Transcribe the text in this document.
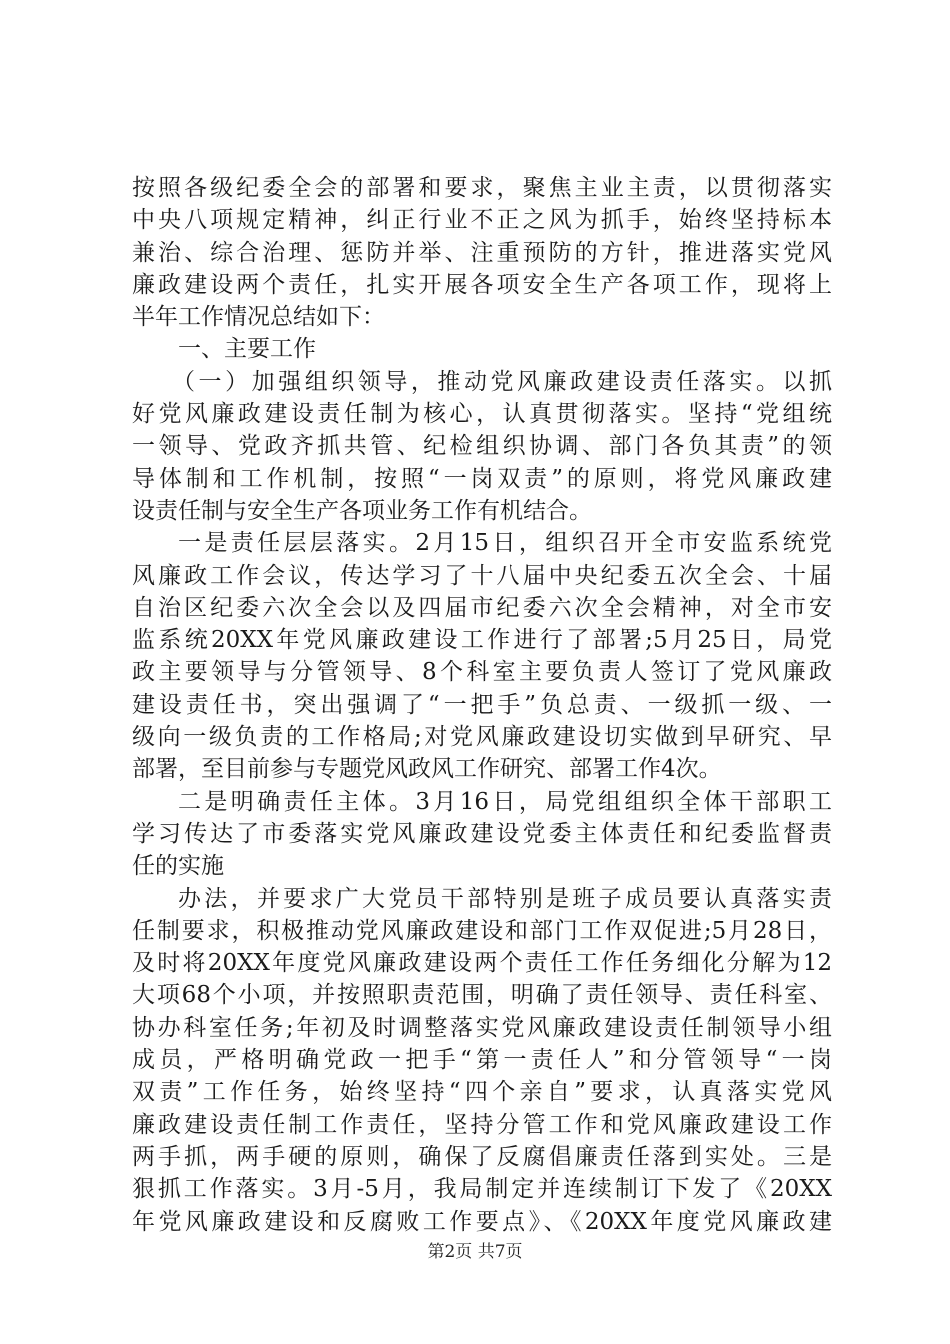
按照各级纪委全会的部署和要求，聚焦主业主责，以贯彻落实
中央八项规定精神，纠正行业不正之风为抓手，始终坚持标本
兼治、综合治理、惩防并举、注重预防的方针，推进落实党风
廉政建设两个责任，扎实开展各项安全生产各项工作，现将上
半年工作情况总结如下：
一、主要工作
（一）加强组织领导，推动党风廉政建设责任落实。以抓
好党风廉政建设责任制为核心，认真贯彻落实。坚持“党组统
一领导、党政齐抓共管、纪检组织协调、部门各负其责”的领
导体制和工作机制，按照“一岗双责”的原则，将党风廉政建
设责任制与安全生产各项业务工作有机结合。
一是责任层层落实。2月15日，组织召开全市安监系统党
风廉政工作会议，传达学习了十八届中央纪委五次全会、十届
自治区纪委六次全会以及四届市纪委六次全会精神，对全市安
监系统20XX年党风廉政建设工作进行了部署;5月25日，局党
政主要领导与分管领导、8个科室主要负责人签订了党风廉政
建设责任书，突出强调了“一把手”负总责、一级抓一级、一
级向一级负责的工作格局;对党风廉政建设切实做到早研究、早
部署，至目前参与专题党风政风工作研究、部署工作4次。
二是明确责任主体。3月16日，局党组组织全体干部职工
学习传达了市委落实党风廉政建设党委主体责任和纪委监督责
任的实施
办法，并要求广大党员干部特别是班子成员要认真落实责
任制要求，积极推动党风廉政建设和部门工作双促进;5月28日，
及时将20XX年度党风廉政建设两个责任工作任务细化分解为12
大项68个小项，并按照职责范围，明确了责任领导、责任科室、
协办科室任务;年初及时调整落实党风廉政建设责任制领导小组
成员，严格明确党政一把手“第一责任人”和分管领导“一岗
双责”工作任务，始终坚持“四个亲自”要求，认真落实党风
廉政建设责任制工作责任，坚持分管工作和党风廉政建设工作
两手抓，两手硬的原则，确保了反腐倡廉责任落到实处。三是
狠抓工作落实。3月-5月，我局制定并连续制订下发了《20XX
年党风廉政建设和反腐败工作要点》、《20XX年度党风廉政建
第2页 共7页
